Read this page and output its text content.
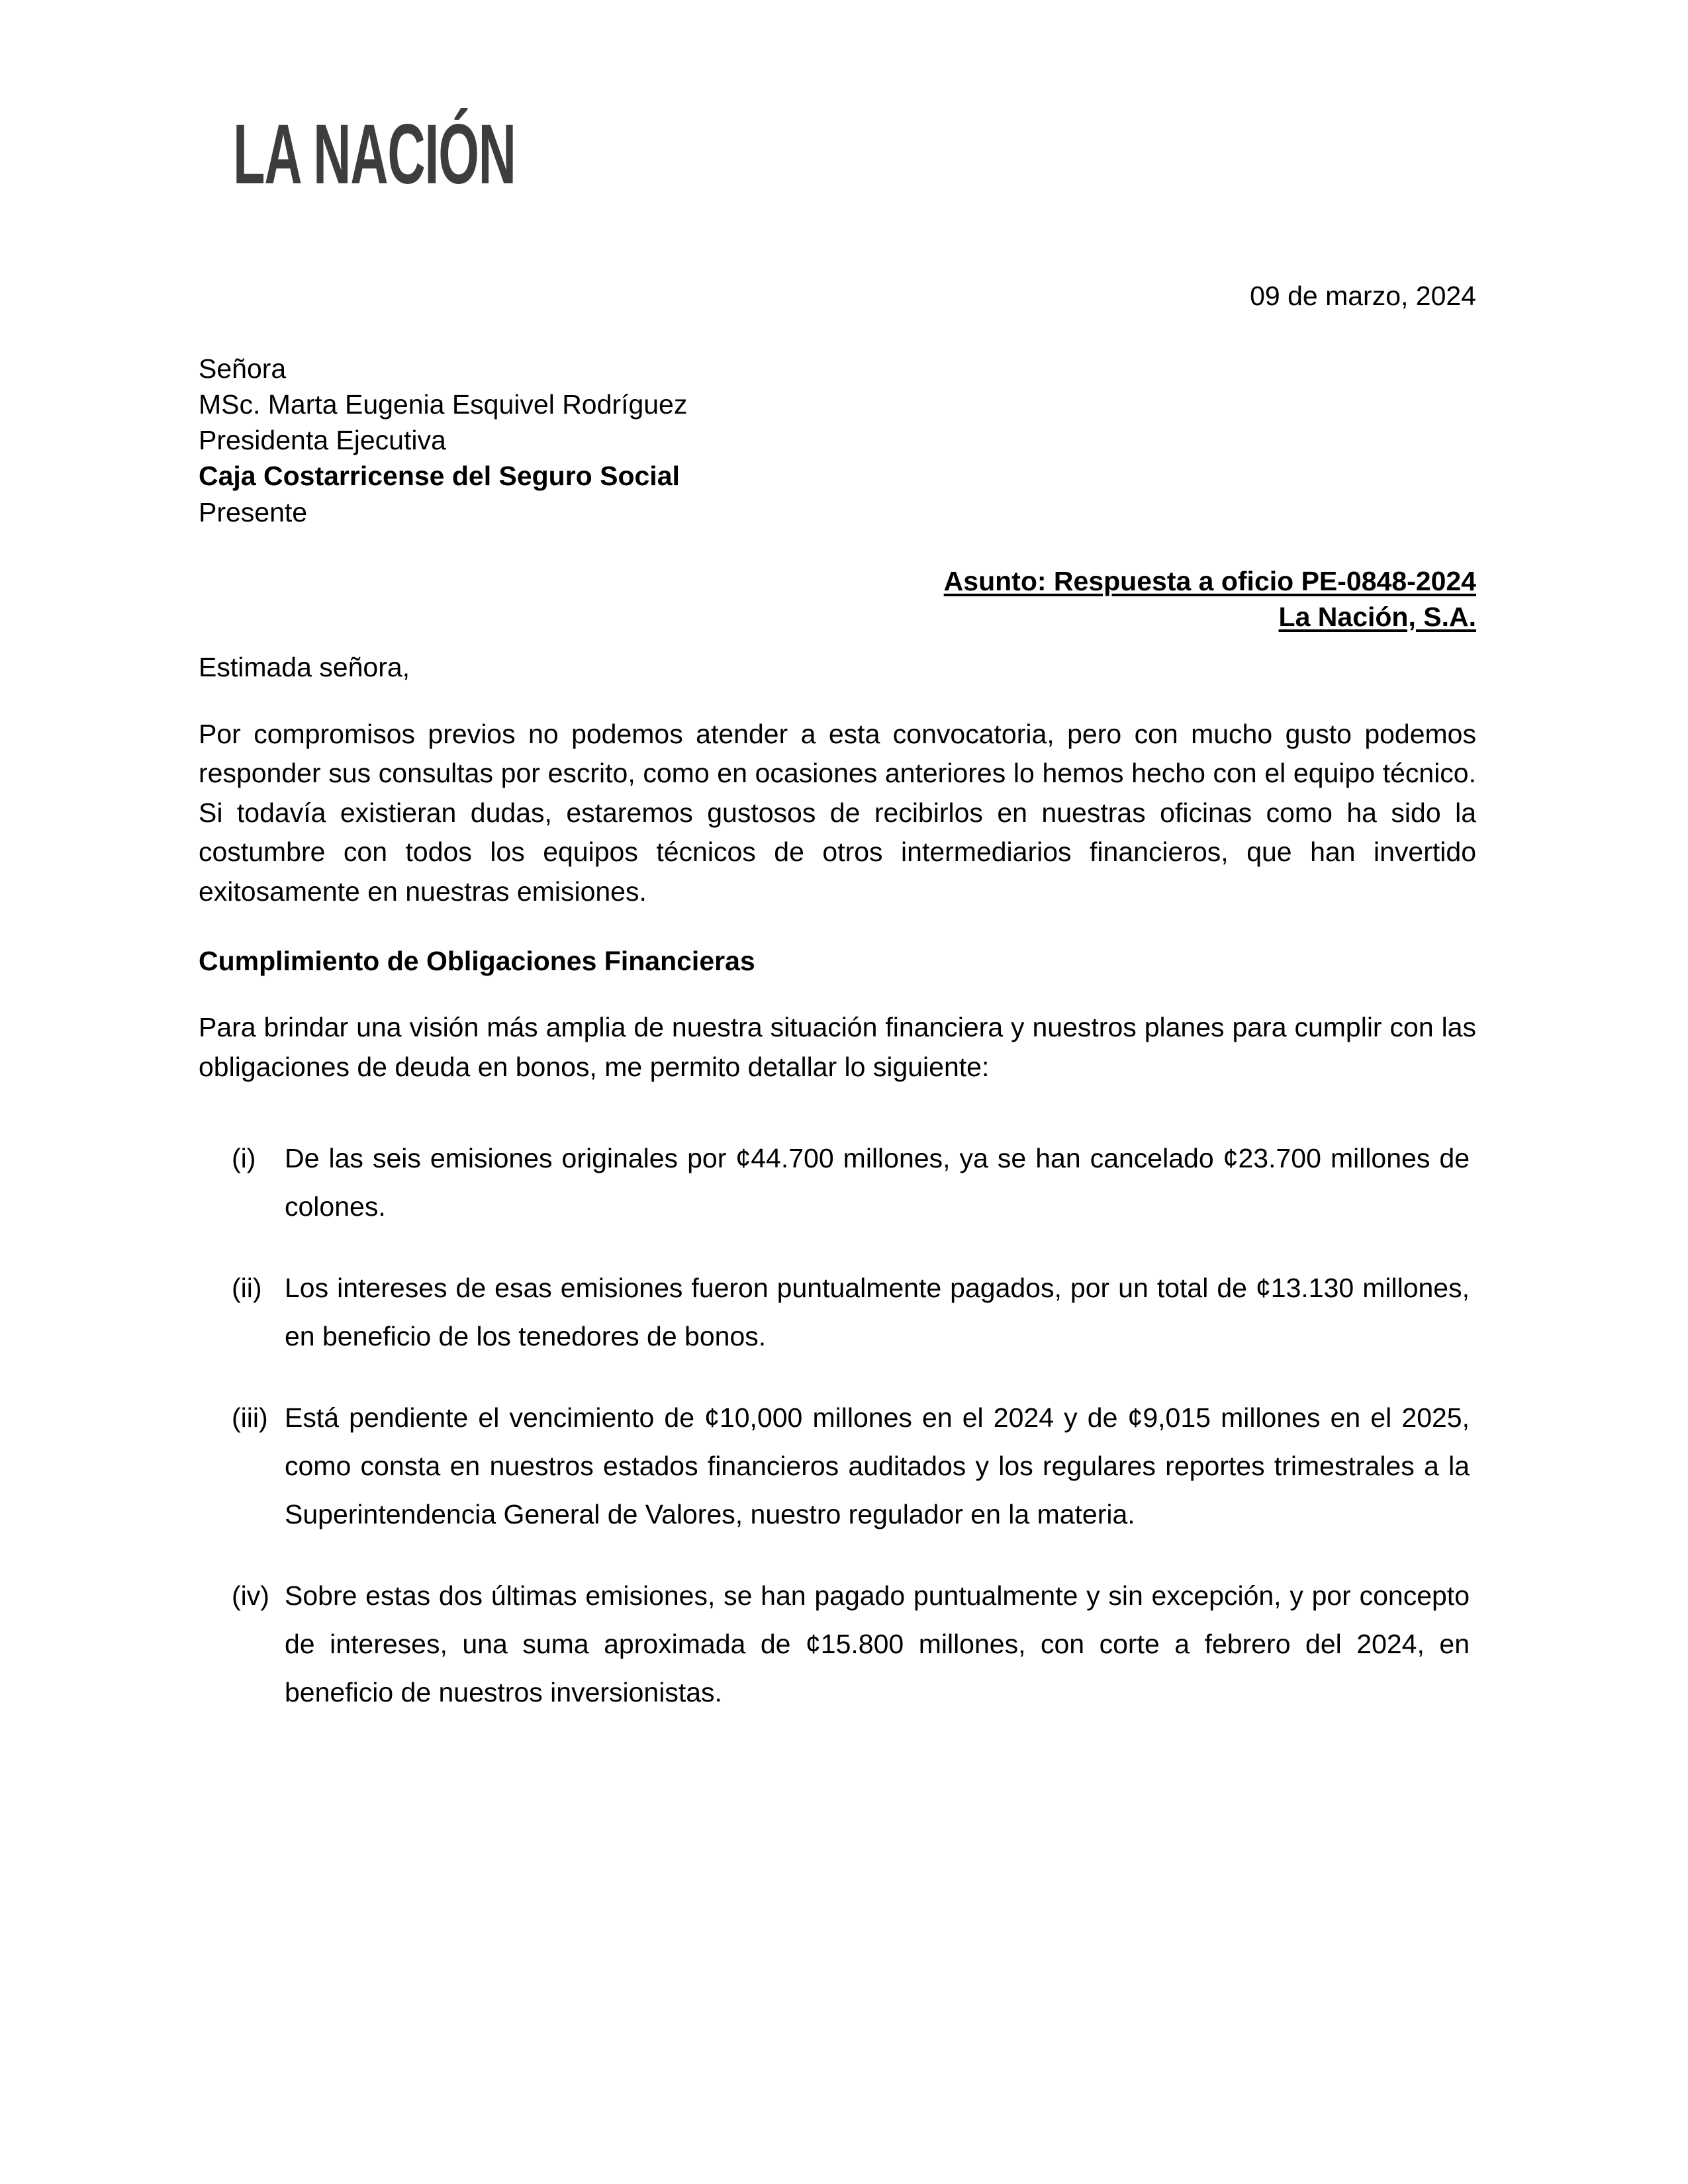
LA NACIÓN
09 de marzo, 2024
Señora
MSc. Marta Eugenia Esquivel Rodríguez
Presidenta Ejecutiva
Caja Costarricense del Seguro Social
Presente
Asunto: Respuesta a oficio PE-0848-2024
La Nación, S.A.
Estimada señora,
Por compromisos previos no podemos atender a esta convocatoria, pero con mucho gusto podemos responder sus consultas por escrito, como en ocasiones anteriores lo hemos hecho con el equipo técnico. Si todavía existieran dudas, estaremos gustosos de recibirlos en nuestras oficinas como ha sido la costumbre con todos los equipos técnicos de otros intermediarios financieros, que han invertido exitosamente en nuestras emisiones.
Cumplimiento de Obligaciones Financieras
Para brindar una visión más amplia de nuestra situación financiera y nuestros planes para cumplir con las obligaciones de deuda en bonos, me permito detallar lo siguiente:
(i)	De las seis emisiones originales por ¢44.700 millones, ya se han cancelado ¢23.700 millones de colones.
(ii) Los intereses de esas emisiones fueron puntualmente pagados, por un total de ¢13.130 millones, en beneficio de los tenedores de bonos.
(iii) Está pendiente el vencimiento de ¢10,000 millones en el 2024 y de ¢9,015 millones en el 2025, como consta en nuestros estados financieros auditados y los regulares reportes trimestrales a la Superintendencia General de Valores, nuestro regulador en la materia.
(iv) Sobre estas dos últimas emisiones, se han pagado puntualmente y sin excepción, y por concepto de intereses, una suma aproximada de ¢15.800 millones, con corte a febrero del 2024, en beneficio de nuestros inversionistas.
